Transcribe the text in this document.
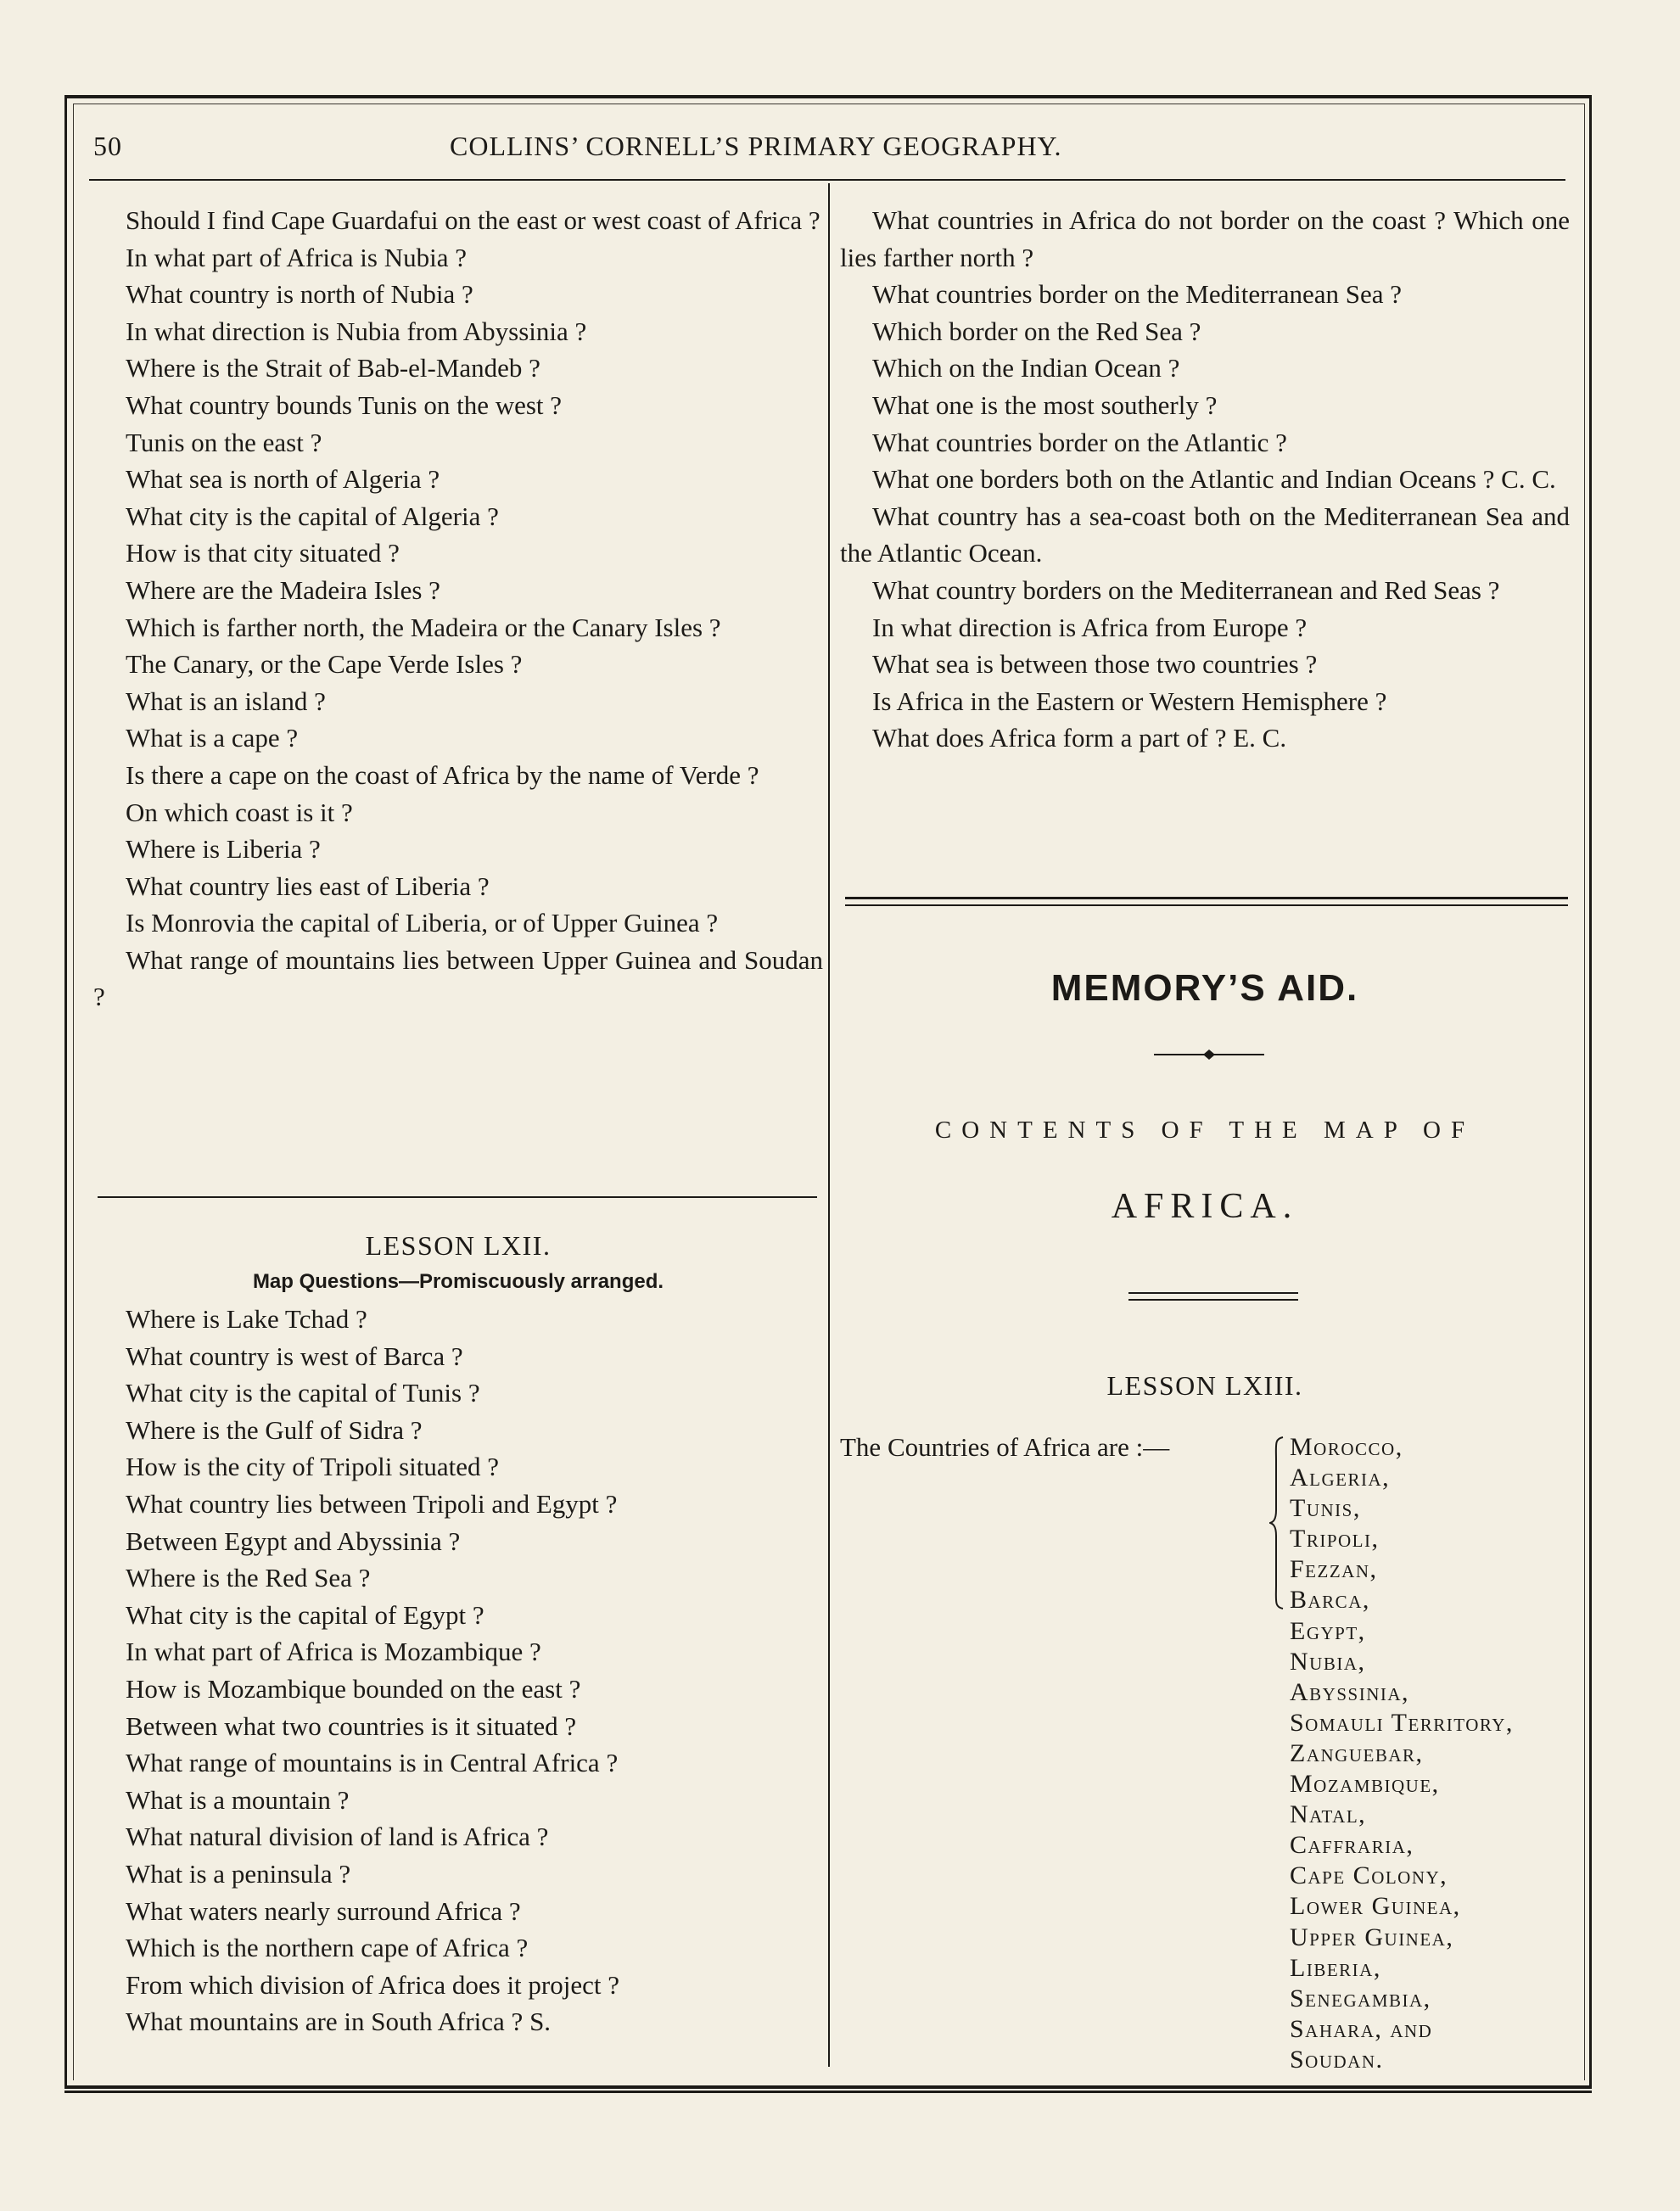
50	COLLINS’ CORNELL’S PRIMARY GEOGRAPHY.

Should I find Cape Guardafui on the east or west coast of Africa ?

In what part of Africa is Nubia ?

What country is north of Nubia ?

In what direction is Nubia from Abyssinia ?

Where is the Strait of Bab-el-Mandeb ?

What country bounds Tunis on the west ?

Tunis on the east ?

What sea is north of Algeria ?

What city is the capital of Algeria ?

How is that city situated ?

Where are the Madeira Isles ?

Which is farther north, the Madeira or the Canary Isles ?

The Canary, or the Cape Verde Isles ?

What is an island ?

What is a cape ?

Is there a cape on the coast of Africa by the name of Verde ?

On which coast is it ?

Where is Liberia ?

What country lies east of Liberia ?

Is Monrovia the capital of Liberia, or of Upper Guinea ?

What range of mountains lies between Upper Guinea and Soudan ?

LESSON LXII.

Map Questions—Promiscuously arranged.

Where is Lake Tchad ?

What country is west of Barca ?

What city is the capital of Tunis ?

Where is the Gulf of Sidra ?

How is the city of Tripoli situated ?

What country lies between Tripoli and Egypt ?

Between Egypt and Abyssinia ?

Where is the Red Sea ?

What city is the capital of Egypt ?

In what part of Africa is Mozambique ?

How is Mozambique bounded on the east ?

Between what two countries is it situated ?

What range of mountains is in Central Africa ?

What is a mountain ?

What natural division of land is Africa ?

What is a peninsula ?

What waters nearly surround Africa ?

Which is the northern cape of Africa ?

From which division of Africa does it project ?

What mountains are in South Africa ? S.

What countries in Africa do not border on the coast ? Which one lies farther north ?

What countries border on the Mediterranean Sea ?

Which border on the Red Sea ?

Which on the Indian Ocean ?

What one is the most southerly ?

What countries border on the Atlantic ?

What one borders both on the Atlantic and Indian Oceans ? C. C.

What country has a sea-coast both on the Mediterranean Sea and the Atlantic Ocean.

What country borders on the Mediterranean and Red Seas ?

In what direction is Africa from Europe ?

What sea is between those two countries ?

Is Africa in the Eastern or Western Hemisphere ?

What does Africa form a part of ? E. C.

MEMORY’S AID.
CONTENTS OF THE MAP OF
AFRICA.
LESSON LXIII.
The Countries of Africa are :—	Morocco,
Algeria,
Tunis,
Tripoli,
Fezzan,
Barca,
Egypt,
Nubia,
Abyssinia,
Somauli Territory,
Zanguebar,
Mozambique,
Natal,
Caffraria,
Cape Colony,
Lower Guinea,
Upper Guinea,
Liberia,
Senegambia,
Sahara, and
Soudan.
